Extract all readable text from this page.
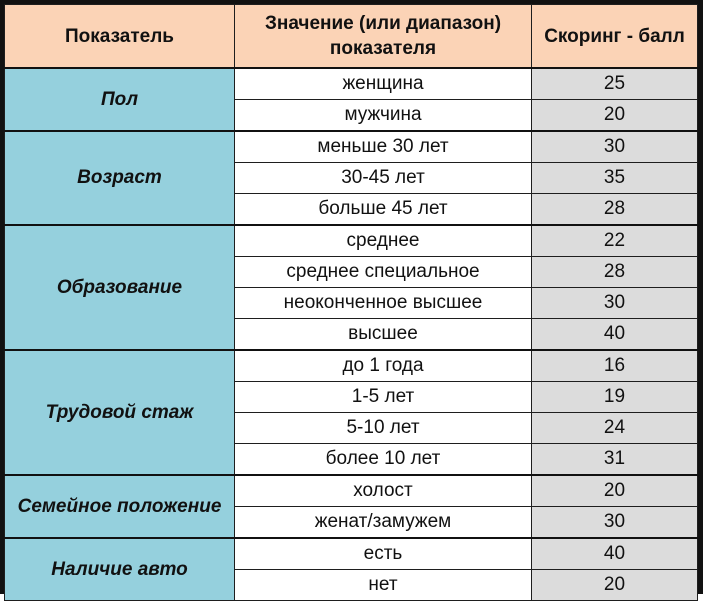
Показатель	Значение (или диапазон) показателя	Скоринг - балл
Пол	женщина	25
	мужчина	20
Возраст	меньше 30 лет	30
	30-45 лет	35
	больше 45 лет	28
Образование	среднее	22
	среднее специальное	28
	неоконченное высшее	30
	высшее	40
Трудовой стаж	до 1 года	16
	1-5 лет	19
	5-10 лет	24
	более 10 лет	31
Семейное положение	холост	20
	женат/замужем	30
Наличие авто	есть	40
	нет	20
